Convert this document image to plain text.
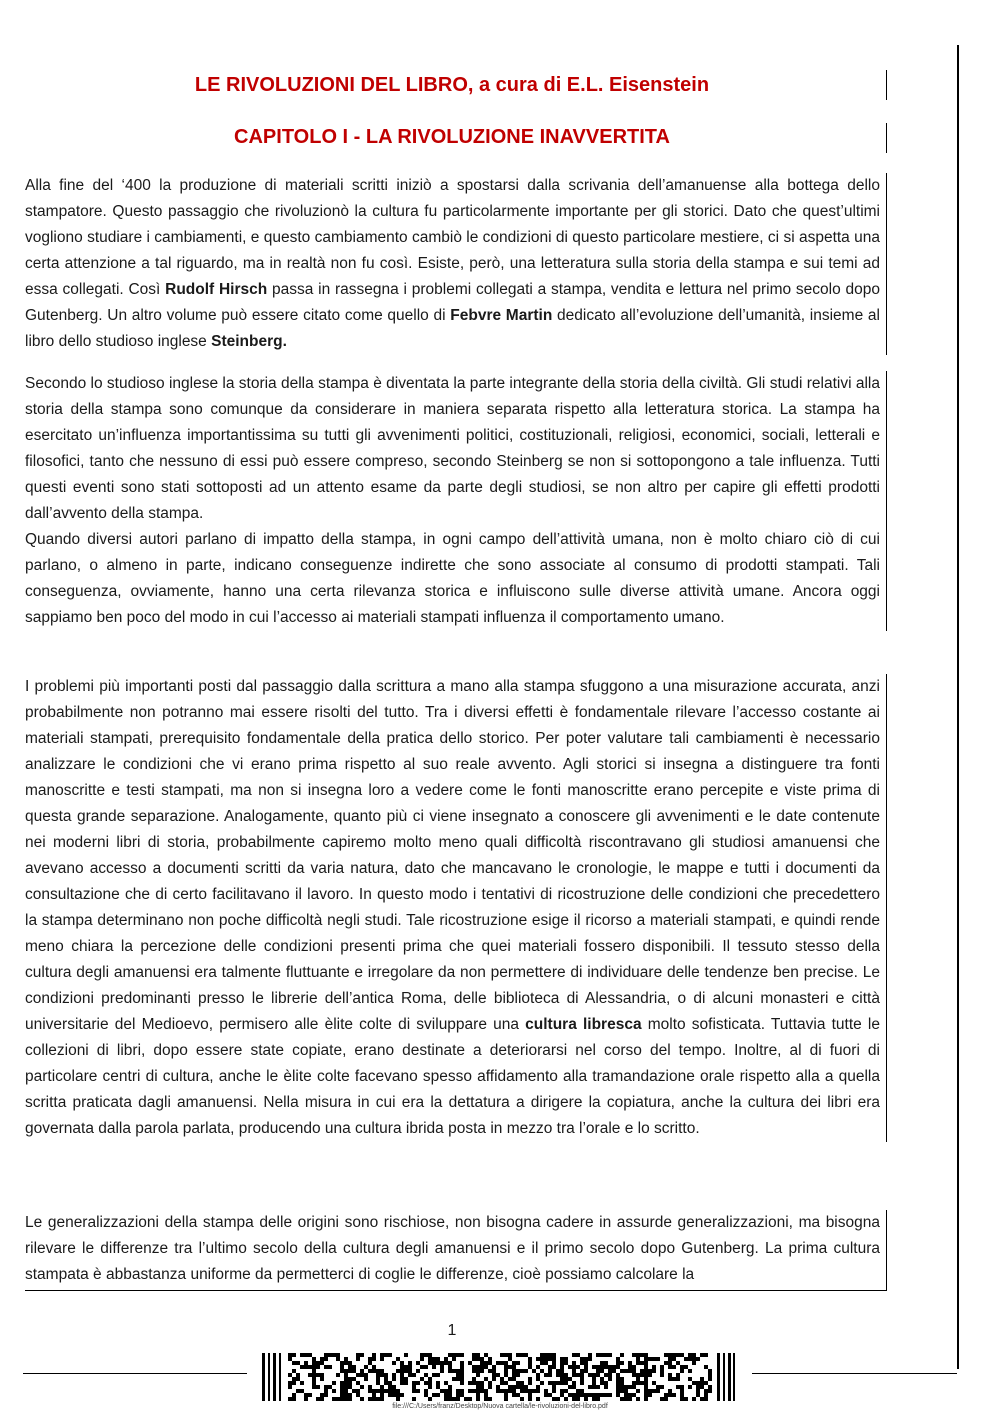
LE RIVOLUZIONI DEL LIBRO, a cura di E.L. Eisenstein
CAPITOLO I - LA RIVOLUZIONE INAVVERTITA

Alla fine del ‘400 la produzione di materiali scritti iniziò a spostarsi dalla scrivania dell’amanuense alla bottega dello stampatore. Questo passaggio che rivoluzionò la cultura fu particolarmente importante per gli storici. Dato che quest’ultimi vogliono studiare i cambiamenti, e questo cambiamento cambiò le condizioni di questo particolare mestiere, ci si aspetta una certa attenzione a tal riguardo, ma in realtà non fu così. Esiste, però, una letteratura sulla storia della stampa e sui temi ad essa collegati. Così Rudolf Hirsch passa in rassegna i problemi collegati a stampa, vendita e lettura nel primo secolo dopo Gutenberg. Un altro volume può essere citato come quello di Febvre Martin dedicato all’evoluzione dell’umanità, insieme al libro dello studioso inglese Steinberg.

Secondo lo studioso inglese la storia della stampa è diventata la parte integrante della storia della civiltà. Gli studi relativi alla storia della stampa sono comunque da considerare in maniera separata rispetto alla letteratura storica. La stampa ha esercitato un’influenza importantissima su tutti gli avvenimenti politici, costituzionali, religiosi, economici, sociali, letterali e filosofici, tanto che nessuno di essi può essere compreso, secondo Steinberg se non si sottopongono a tale influenza. Tutti questi eventi sono stati sottoposti ad un attento esame da parte degli studiosi, se non altro per capire gli effetti prodotti dall’avvento della stampa.
Quando diversi autori parlano di impatto della stampa, in ogni campo dell’attività umana, non è molto chiaro ciò di cui parlano, o almeno in parte, indicano conseguenze indirette che sono associate al consumo di prodotti stampati. Tali conseguenza, ovviamente, hanno una certa rilevanza storica e influiscono sulle diverse attività umane. Ancora oggi sappiamo ben poco del modo in cui l’accesso ai materiali stampati influenza il comportamento umano.

I problemi più importanti posti dal passaggio dalla scrittura a mano alla stampa sfuggono a una misurazione accurata, anzi probabilmente non potranno mai essere risolti del tutto. Tra i diversi effetti è fondamentale rilevare l’accesso costante ai materiali stampati, prerequisito fondamentale della pratica dello storico. Per poter valutare tali cambiamenti è necessario analizzare le condizioni che vi erano prima rispetto al suo reale avvento. Agli storici si insegna a distinguere tra fonti manoscritte e testi stampati, ma non si insegna loro a vedere come le fonti manoscritte erano percepite e viste prima di questa grande separazione. Analogamente, quanto più ci viene insegnato a conoscere gli avvenimenti e le date contenute nei moderni libri di storia, probabilmente capiremo molto meno quali difficoltà riscontravano gli studiosi amanuensi che avevano accesso a documenti scritti da varia natura, dato che mancavano le cronologie, le mappe e tutti i documenti da consultazione che di certo facilitavano il lavoro. In questo modo i tentativi di ricostruzione delle condizioni che precedettero la stampa determinano non poche difficoltà negli studi. Tale ricostruzione esige il ricorso a materiali stampati, e quindi rende meno chiara la percezione delle condizioni presenti prima che quei materiali fossero disponibili. Il tessuto stesso della cultura degli amanuensi era talmente fluttuante e irregolare da non permettere di individuare delle tendenze ben precise. Le condizioni predominanti presso le librerie dell’antica Roma, delle biblioteca di Alessandria, o di alcuni monasteri e città universitarie del Medioevo, permisero alle èlite colte di sviluppare una cultura libresca molto sofisticata. Tuttavia tutte le collezioni di libri, dopo essere state copiate, erano destinate a deteriorarsi nel corso del tempo. Inoltre, al di fuori di particolare centri di cultura, anche le èlite colte facevano spesso affidamento alla tramandazione orale rispetto alla a quella scritta praticata dagli amanuensi. Nella misura in cui era la dettatura a dirigere la copiatura, anche la cultura dei libri era governata dalla parola parlata, producendo una cultura ibrida posta in mezzo tra l’orale e lo scritto.

Le generalizzazioni della stampa delle origini sono rischiose, non bisogna cadere in assurde generalizzazioni, ma bisogna rilevare le differenze tra l’ultimo secolo della cultura degli amanuensi e il primo secolo dopo Gutenberg. La prima cultura stampata è abbastanza uniforme da permetterci di coglie le differenze, cioè possiamo calcolare la

1
file:///C:/Users/franz/Desktop/Nuova cartella/le-rivoluzioni-del-libro.pdf
